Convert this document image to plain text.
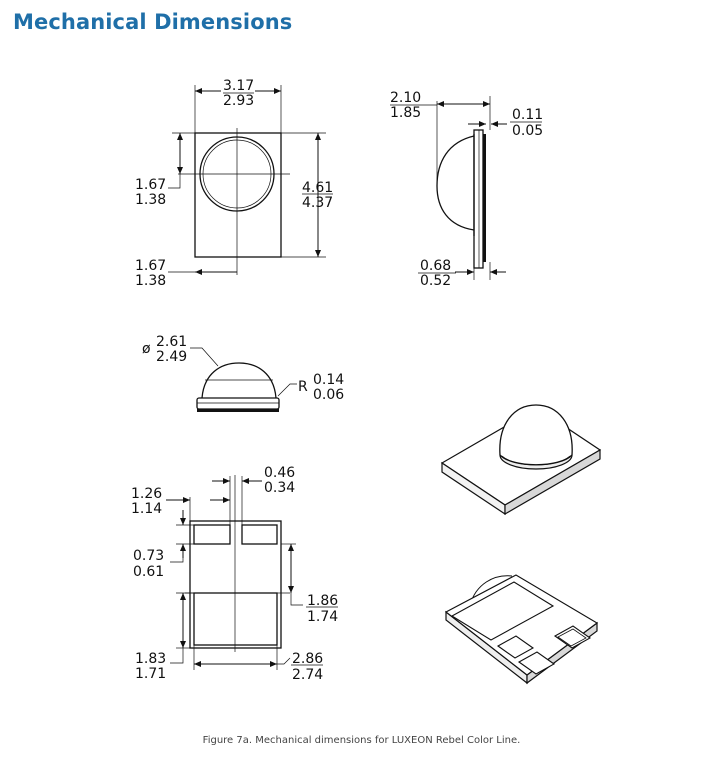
Mechanical Dimensions
3.17
2.93
4.61
4.37
1.67
1.38
1.67
1.38
2.10
1.85	0.11
0.05
0.68
0.52
ø 2.61
2.49
R 0.14
0.06
0.46
0.34
1.26
1.14
0.73
0.61
1.86
1.74
1.83
1.71
2.86
2.74
Figure 7a. Mechanical dimensions for LUXEON Rebel Color Line.
